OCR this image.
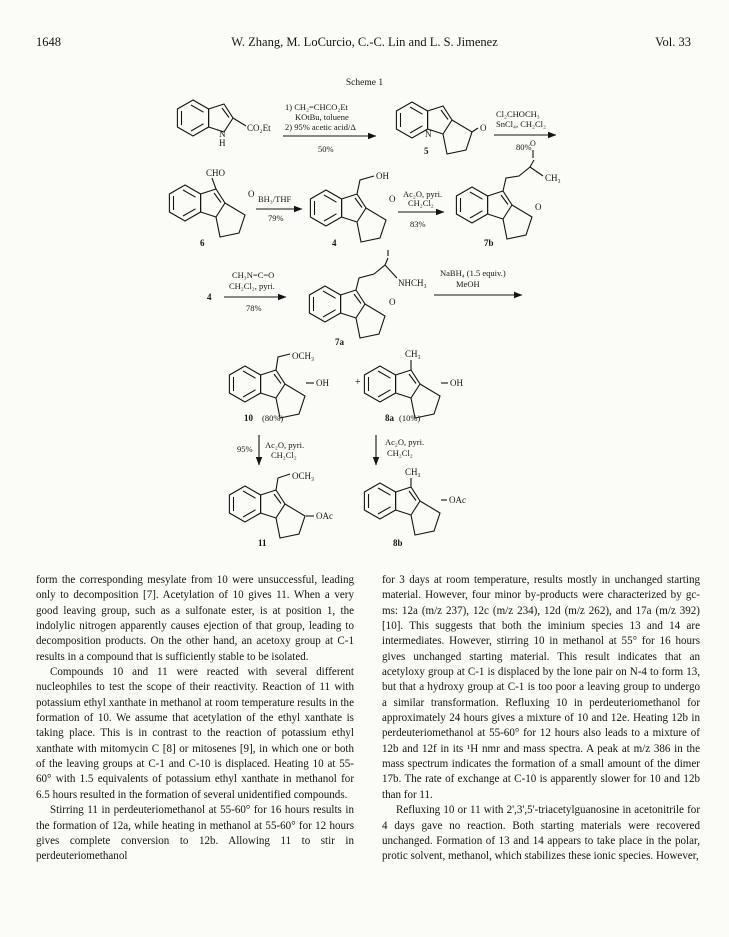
1648	W. Zhang, M. LoCurcio, C.-C. Lin and L. S. Jimenez	Vol. 33
Scheme 1
CO₂Et
N
H
1) CH₂=CHCO₂Et
KOtBu, toluene
2) 95% acetic acid/Δ
50%
O
N
5
Cl₂CHOCH₃
SnCl₄, CH₂Cl₂
80%
CHO
O
6
BH₃/THF
79%
OH
O
4
Ac₂O, pyri.
CH₂Cl₂
83%
O
CH₃
O
7b
4
CH₃N=C=O
CH₂Cl₂, pyri.
78%
NHCH₃
O
7a
NaBH₄ (1.5 equiv.)
MeOH
OCH₃
OH
10 (80%)
+
CH₃
OH
8a (10%)
95% Ac₂O, pyri.
CH₂Cl₂
Ac₂O, pyri.
CH₂Cl₂
OCH₃
OAc
11
CH₃
OAc
8b

form the corresponding mesylate from 10 were unsuccessful, leading only to decomposition [7]. Acetylation of 10 gives 11. When a very good leaving group, such as a sulfonate ester, is at position 1, the indolylic nitrogen apparently causes ejection of that group, leading to decomposition products. On the other hand, an acetoxy group at C-1 results in a compound that is sufficiently stable to be isolated.

Compounds 10 and 11 were reacted with several different nucleophiles to test the scope of their reactivity. Reaction of 11 with potassium ethyl xanthate in methanol at room temperature results in the formation of 10. We assume that acetylation of the ethyl xanthate is taking place. This is in contrast to the reaction of potassium ethyl xanthate with mitomycin C [8] or mitosenes [9], in which one or both of the leaving groups at C-1 and C-10 is displaced. Heating 10 at 55-60° with 1.5 equivalents of potassium ethyl xanthate in methanol for 6.5 hours resulted in the formation of several unidentified compounds.

Stirring 11 in perdeuteriomethanol at 55-60° for 16 hours results in the formation of 12a, while heating in methanol at 55-60° for 12 hours gives complete conversion to 12b. Allowing 11 to stir in perdeuteriomethanol

for 3 days at room temperature, results mostly in unchanged starting material. However, four minor by-products were characterized by gc-ms: 12a (m/z 237), 12c (m/z 234), 12d (m/z 262), and 17a (m/z 392) [10]. This suggests that both the iminium species 13 and 14 are intermediates. However, stirring 10 in methanol at 55° for 16 hours gives unchanged starting material. This result indicates that an acetyloxy group at C-1 is displaced by the lone pair on N-4 to form 13, but that a hydroxy group at C-1 is too poor a leaving group to undergo a similar transformation. Refluxing 10 in perdeuteriomethanol for approximately 24 hours gives a mixture of 10 and 12e. Heating 12b in perdeuteriomethanol at 55-60° for 12 hours also leads to a mixture of 12b and 12f in its ¹H nmr and mass spectra. A peak at m/z 386 in the mass spectrum indicates the formation of a small amount of the dimer 17b. The rate of exchange at C-10 is apparently slower for 10 and 12b than for 11.

Refluxing 10 or 11 with 2',3',5'-triacetylguanosine in acetonitrile for 4 days gave no reaction. Both starting materials were recovered unchanged. Formation of 13 and 14 appears to take place in the polar, protic solvent, methanol, which stabilizes these ionic species. However,
